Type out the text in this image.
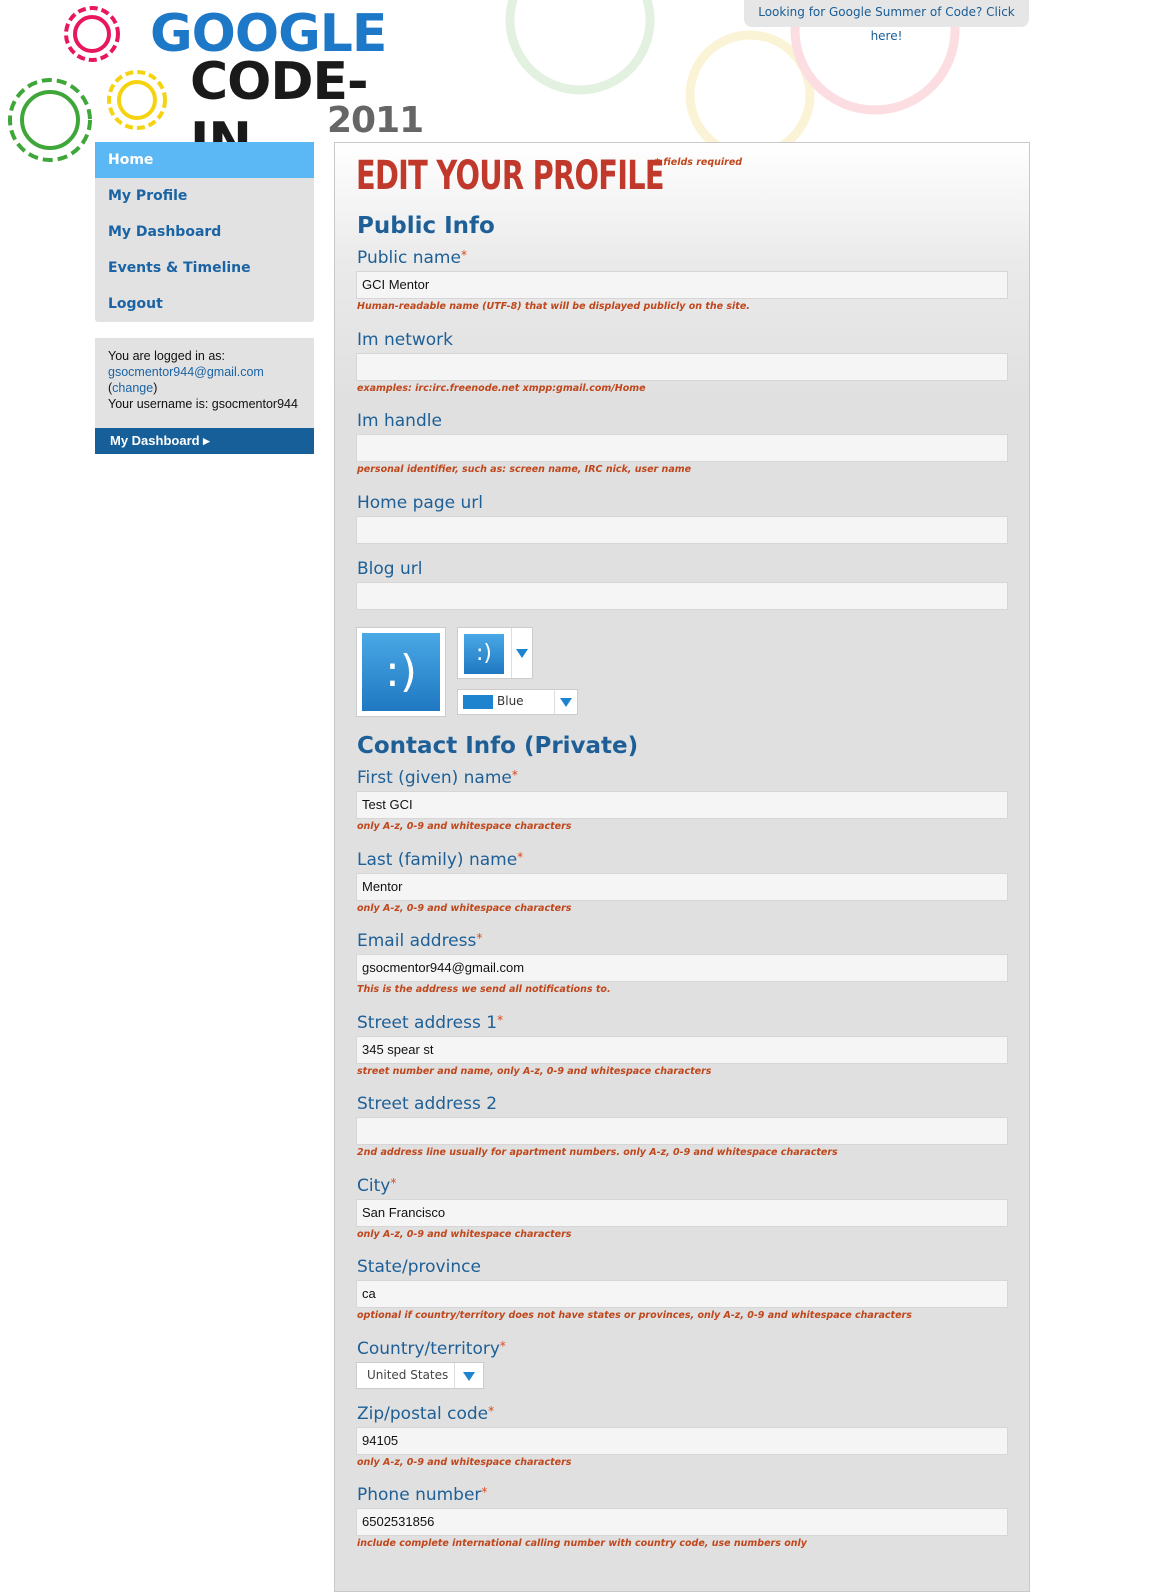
GOOGLE
CODE-
2011
Looking for Google Summer of Code? Click here!
Home
My Profile
My Dashboard
Events & Timeline
Logout
You are logged in as:
gsocmentor944@gmail.com
(change)
Your username is: gsocmentor944
My Dashboard ▸
EDIT YOUR PROFILE
* fields required
Public Info
Public name*
GCI Mentor
Human-readable name (UTF-8) that will be displayed publicly on the site.
Im network
examples: irc:irc.freenode.net xmpp:gmail.com/Home
Im handle
personal identifier, such as: screen name, IRC nick, user name
Home page url
Blog url
:)	:)
Blue
Contact Info (Private)
First (given) name*
Test GCI
only A-z, 0-9 and whitespace characters
Last (family) name*
Mentor
only A-z, 0-9 and whitespace characters
Email address*
gsocmentor944@gmail.com
This is the address we send all notifications to.
Street address 1*
345 spear st
street number and name, only A-z, 0-9 and whitespace characters
Street address 2
2nd address line usually for apartment numbers. only A-z, 0-9 and whitespace characters
City*
San Francisco
only A-z, 0-9 and whitespace characters
State/province
ca
optional if country/territory does not have states or provinces, only A-z, 0-9 and whitespace characters
Country/territory*
United States
Zip/postal code*
94105
only A-z, 0-9 and whitespace characters
Phone number*
6502531856
include complete international calling number with country code, use numbers only
